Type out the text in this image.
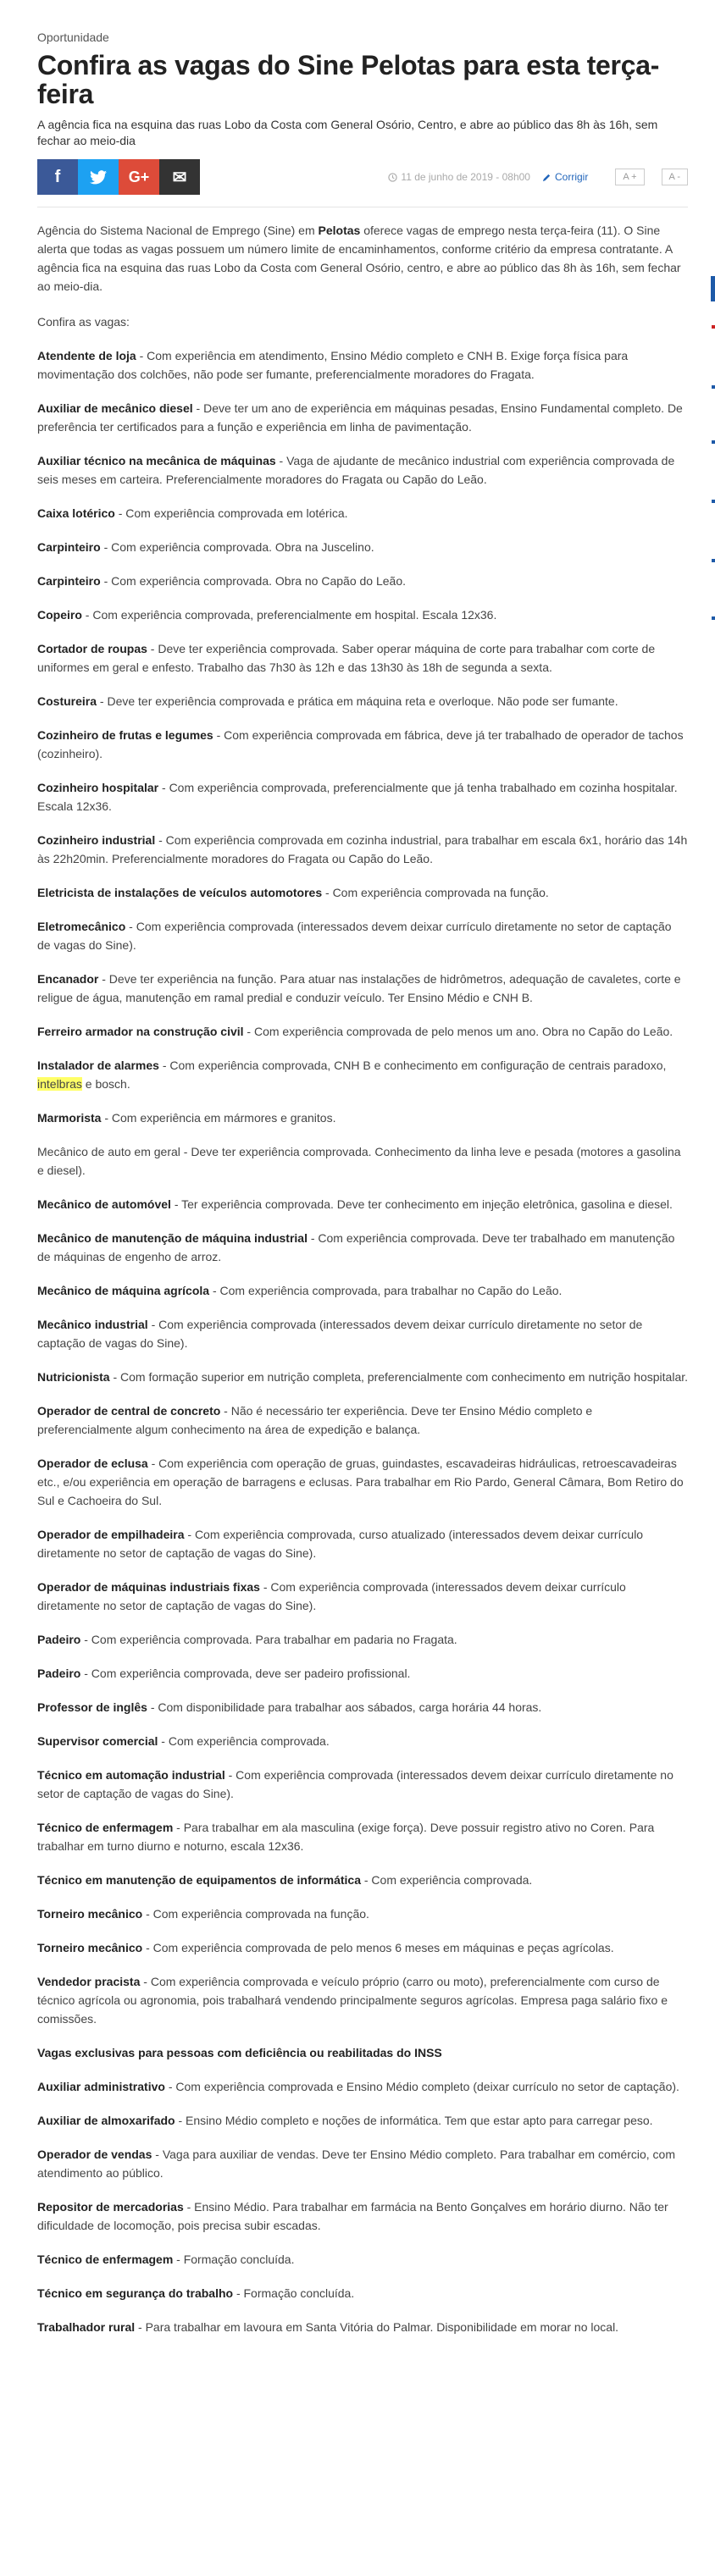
Oportunidade
Confira as vagas do Sine Pelotas para esta terça-feira

A agência fica na esquina das ruas Lobo da Costa com General Osório, Centro, e abre ao público das 8h às 16h, sem fechar ao meio-dia

f	G+ ✉	11 de junho de 2019 - 08h00 Corrigir	A +	A -

Agência do Sistema Nacional de Emprego (Sine) em Pelotas oferece vagas de emprego nesta terça-feira (11). O Sine alerta que todas as vagas possuem um número limite de encaminhamentos, conforme critério da empresa contratante. A agência fica na esquina das ruas Lobo da Costa com General Osório, centro, e abre ao público das 8h às 16h, sem fechar ao meio-dia.

Confira as vagas:

Atendente de loja - Com experiência em atendimento, Ensino Médio completo e CNH B. Exige força física para movimentação dos colchões, não pode ser fumante, preferencialmente moradores do Fragata.

Auxiliar de mecânico diesel - Deve ter um ano de experiência em máquinas pesadas, Ensino Fundamental completo. De preferência ter certificados para a função e experiência em linha de pavimentação.

Auxiliar técnico na mecânica de máquinas - Vaga de ajudante de mecânico industrial com experiência comprovada de seis meses em carteira. Preferencialmente moradores do Fragata ou Capão do Leão.

Caixa lotérico - Com experiência comprovada em lotérica.

Carpinteiro - Com experiência comprovada. Obra na Juscelino.

Carpinteiro - Com experiência comprovada. Obra no Capão do Leão.

Copeiro - Com experiência comprovada, preferencialmente em hospital. Escala 12x36.

Cortador de roupas - Deve ter experiência comprovada. Saber operar máquina de corte para trabalhar com corte de uniformes em geral e enfesto. Trabalho das 7h30 às 12h e das 13h30 às 18h de segunda a sexta.

Costureira - Deve ter experiência comprovada e prática em máquina reta e overloque. Não pode ser fumante.

Cozinheiro de frutas e legumes - Com experiência comprovada em fábrica, deve já ter trabalhado de operador de tachos (cozinheiro).

Cozinheiro hospitalar - Com experiência comprovada, preferencialmente que já tenha trabalhado em cozinha hospitalar. Escala 12x36.

Cozinheiro industrial - Com experiência comprovada em cozinha industrial, para trabalhar em escala 6x1, horário das 14h às 22h20min. Preferencialmente moradores do Fragata ou Capão do Leão.

Eletricista de instalações de veículos automotores - Com experiência comprovada na função.

Eletromecânico - Com experiência comprovada (interessados devem deixar currículo diretamente no setor de captação de vagas do Sine).

Encanador - Deve ter experiência na função. Para atuar nas instalações de hidrômetros, adequação de cavaletes, corte e religue de água, manutenção em ramal predial e conduzir veículo. Ter Ensino Médio e CNH B.

Ferreiro armador na construção civil - Com experiência comprovada de pelo menos um ano. Obra no Capão do Leão.

Instalador de alarmes - Com experiência comprovada, CNH B e conhecimento em configuração de centrais paradoxo, intelbras e bosch.

Marmorista - Com experiência em mármores e granitos.

Mecânico de auto em geral - Deve ter experiência comprovada. Conhecimento da linha leve e pesada (motores a gasolina e diesel).

Mecânico de automóvel - Ter experiência comprovada. Deve ter conhecimento em injeção eletrônica, gasolina e diesel.

Mecânico de manutenção de máquina industrial - Com experiência comprovada. Deve ter trabalhado em manutenção de máquinas de engenho de arroz.

Mecânico de máquina agrícola - Com experiência comprovada, para trabalhar no Capão do Leão.

Mecânico industrial - Com experiência comprovada (interessados devem deixar currículo diretamente no setor de captação de vagas do Sine).

Nutricionista - Com formação superior em nutrição completa, preferencialmente com conhecimento em nutrição hospitalar.

Operador de central de concreto - Não é necessário ter experiência. Deve ter Ensino Médio completo e preferencialmente algum conhecimento na área de expedição e balança.

Operador de eclusa - Com experiência com operação de gruas, guindastes, escavadeiras hidráulicas, retroescavadeiras etc., e/ou experiência em operação de barragens e eclusas. Para trabalhar em Rio Pardo, General Câmara, Bom Retiro do Sul e Cachoeira do Sul.

Operador de empilhadeira - Com experiência comprovada, curso atualizado (interessados devem deixar currículo diretamente no setor de captação de vagas do Sine).

Operador de máquinas industriais fixas - Com experiência comprovada (interessados devem deixar currículo diretamente no setor de captação de vagas do Sine).

Padeiro - Com experiência comprovada. Para trabalhar em padaria no Fragata.

Padeiro - Com experiência comprovada, deve ser padeiro profissional.

Professor de inglês - Com disponibilidade para trabalhar aos sábados, carga horária 44 horas.

Supervisor comercial - Com experiência comprovada.

Técnico em automação industrial - Com experiência comprovada (interessados devem deixar currículo diretamente no setor de captação de vagas do Sine).

Técnico de enfermagem - Para trabalhar em ala masculina (exige força). Deve possuir registro ativo no Coren. Para trabalhar em turno diurno e noturno, escala 12x36.

Técnico em manutenção de equipamentos de informática - Com experiência comprovada.

Torneiro mecânico - Com experiência comprovada na função.

Torneiro mecânico - Com experiência comprovada de pelo menos 6 meses em máquinas e peças agrícolas.

Vendedor pracista - Com experiência comprovada e veículo próprio (carro ou moto), preferencialmente com curso de técnico agrícola ou agronomia, pois trabalhará vendendo principalmente seguros agrícolas. Empresa paga salário fixo e comissões.

Vagas exclusivas para pessoas com deficiência ou reabilitadas do INSS

Auxiliar administrativo - Com experiência comprovada e Ensino Médio completo (deixar currículo no setor de captação).

Auxiliar de almoxarifado - Ensino Médio completo e noções de informática. Tem que estar apto para carregar peso.

Operador de vendas - Vaga para auxiliar de vendas. Deve ter Ensino Médio completo. Para trabalhar em comércio, com atendimento ao público.

Repositor de mercadorias - Ensino Médio. Para trabalhar em farmácia na Bento Gonçalves em horário diurno. Não ter dificuldade de locomoção, pois precisa subir escadas.

Técnico de enfermagem - Formação concluída.

Técnico em segurança do trabalho - Formação concluída.

Trabalhador rural - Para trabalhar em lavoura em Santa Vitória do Palmar. Disponibilidade em morar no local.
